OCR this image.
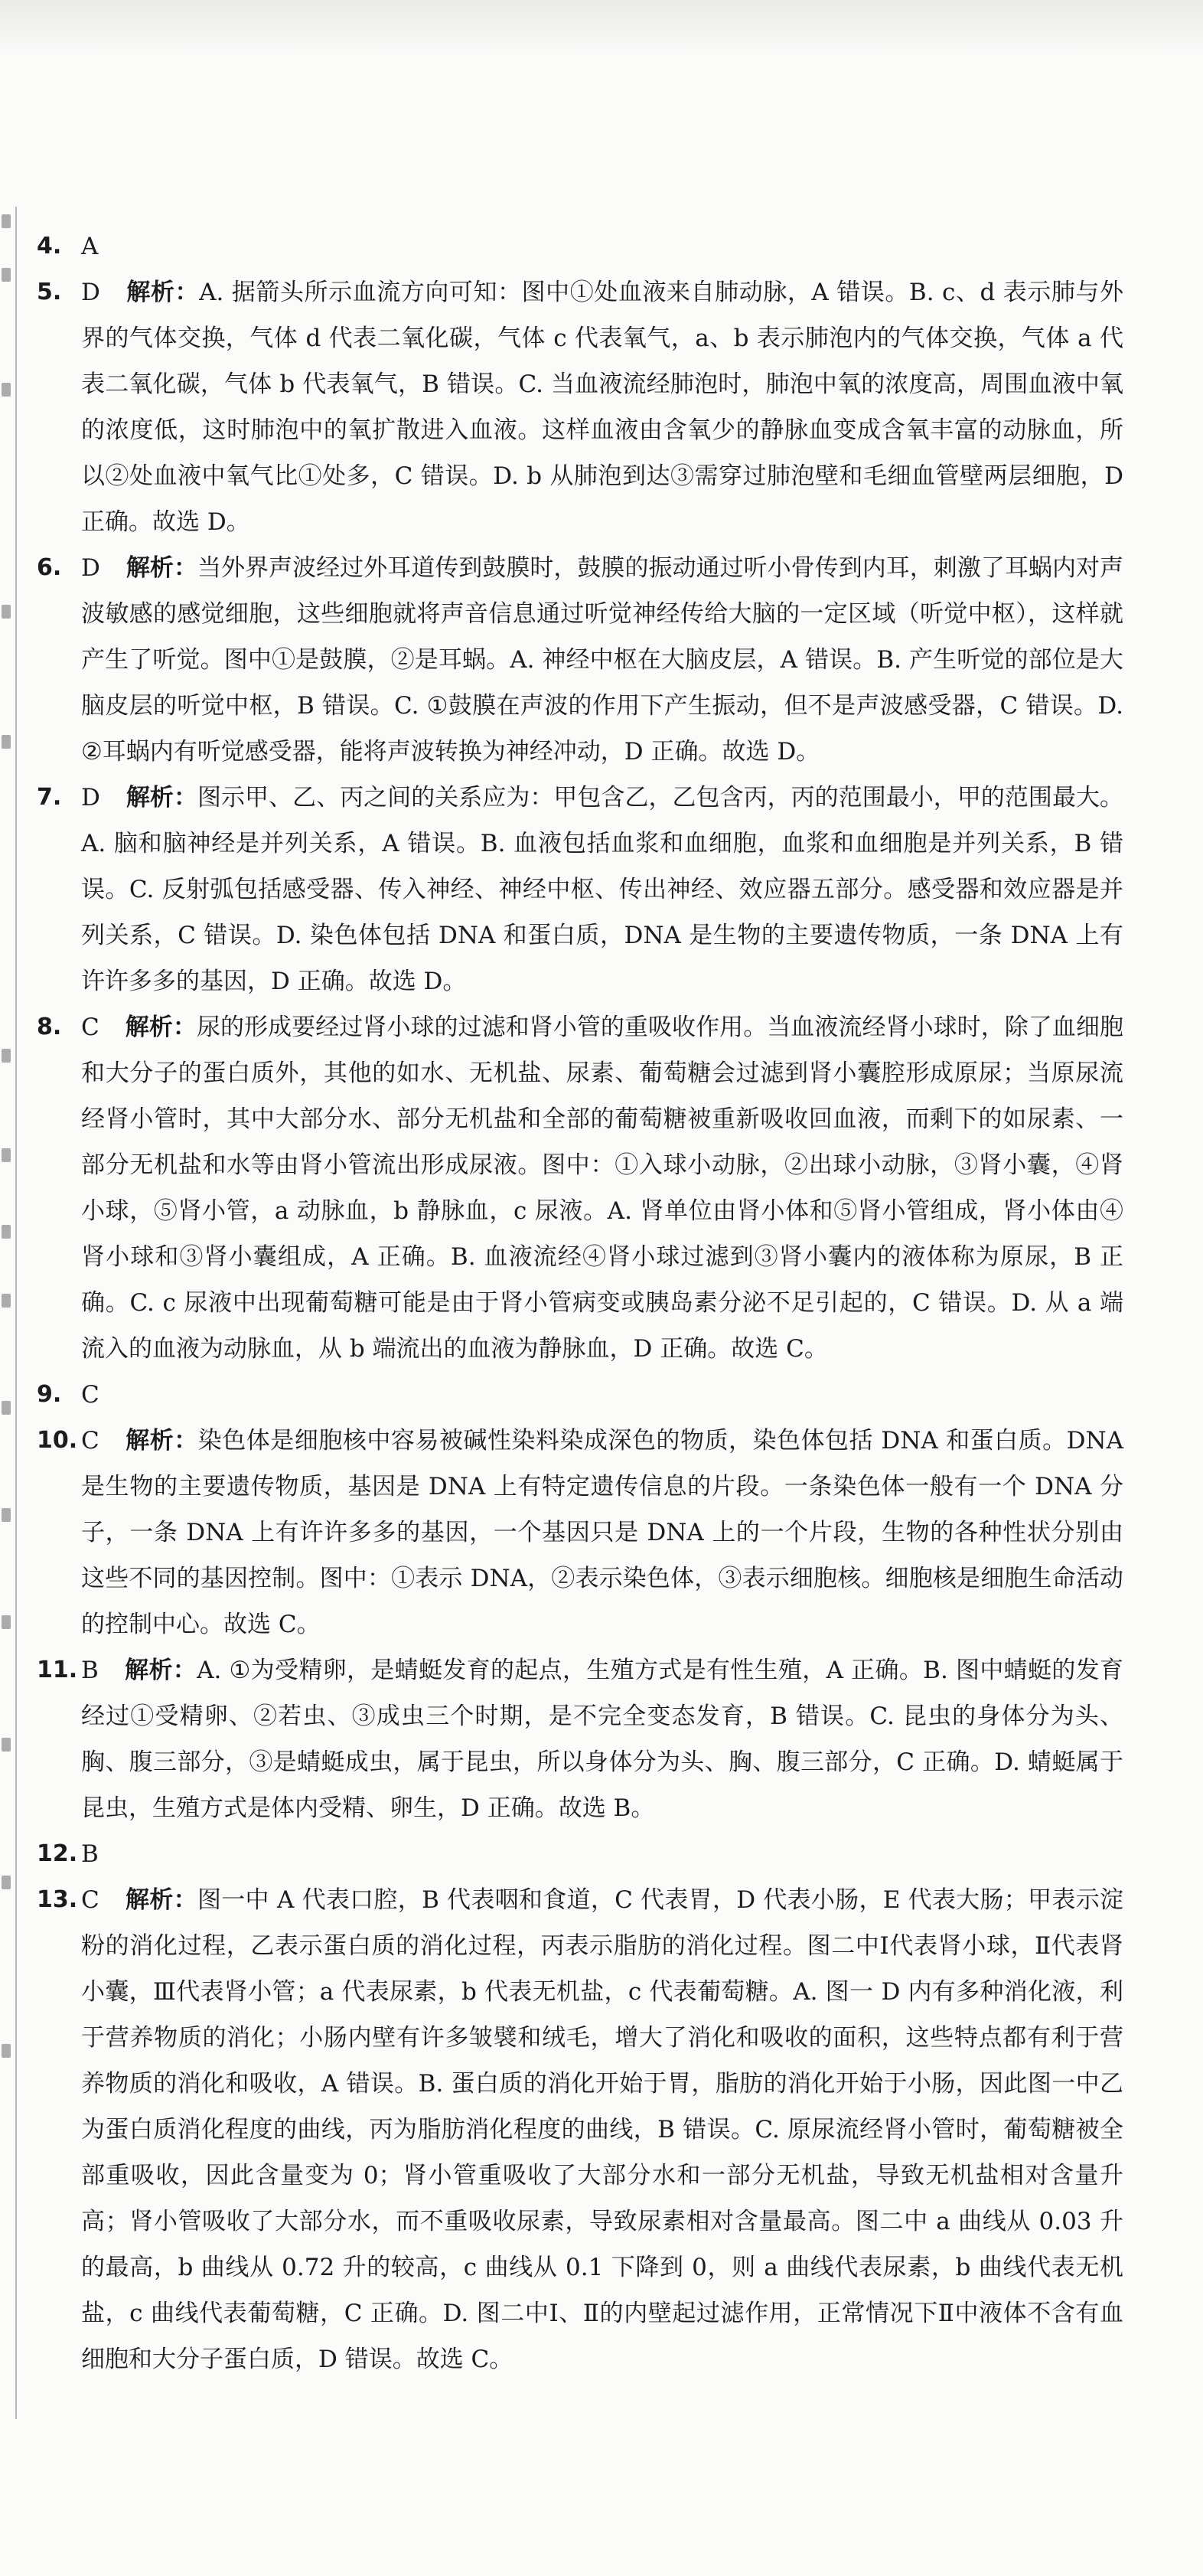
4. A
5. D 解析：A. 据箭头所示血流方向可知：图中①处血液来自肺动脉，A 错误。B. c、d 表示肺与外界的气体交换，气体 d 代表二氧化碳，气体 c 代表氧气，a、b 表示肺泡内的气体交换，气体 a 代表二氧化碳，气体 b 代表氧气，B 错误。C. 当血液流经肺泡时，肺泡中氧的浓度高，周围血液中氧的浓度低，这时肺泡中的氧扩散进入血液。这样血液由含氧少的静脉血变成含氧丰富的动脉血，所以②处血液中氧气比①处多，C 错误。D. b 从肺泡到达③需穿过肺泡壁和毛细血管壁两层细胞，D 正确。故选 D。
6. D 解析：当外界声波经过外耳道传到鼓膜时，鼓膜的振动通过听小骨传到内耳，刺激了耳蜗内对声波敏感的感觉细胞，这些细胞就将声音信息通过听觉神经传给大脑的一定区域（听觉中枢），这样就产生了听觉。图中①是鼓膜，②是耳蜗。A. 神经中枢在大脑皮层，A 错误。B. 产生听觉的部位是大脑皮层的听觉中枢，B 错误。C. ①鼓膜在声波的作用下产生振动，但不是声波感受器，C 错误。D. ②耳蜗内有听觉感受器，能将声波转换为神经冲动，D 正确。故选 D。
7. D 解析：图示甲、乙、丙之间的关系应为：甲包含乙，乙包含丙，丙的范围最小，甲的范围最大。A. 脑和脑神经是并列关系，A 错误。B. 血液包括血浆和血细胞，血浆和血细胞是并列关系，B 错误。C. 反射弧包括感受器、传入神经、神经中枢、传出神经、效应器五部分。感受器和效应器是并列关系，C 错误。D. 染色体包括 DNA 和蛋白质，DNA 是生物的主要遗传物质，一条 DNA 上有许许多多的基因，D 正确。故选 D。
8. C 解析：尿的形成要经过肾小球的过滤和肾小管的重吸收作用。当血液流经肾小球时，除了血细胞和大分子的蛋白质外，其他的如水、无机盐、尿素、葡萄糖会过滤到肾小囊腔形成原尿；当原尿流经肾小管时，其中大部分水、部分无机盐和全部的葡萄糖被重新吸收回血液，而剩下的如尿素、一部分无机盐和水等由肾小管流出形成尿液。图中：①入球小动脉，②出球小动脉，③肾小囊，④肾小球，⑤肾小管，a 动脉血，b 静脉血，c 尿液。A. 肾单位由肾小体和⑤肾小管组成，肾小体由④肾小球和③肾小囊组成，A 正确。B. 血液流经④肾小球过滤到③肾小囊内的液体称为原尿，B 正确。C. c 尿液中出现葡萄糖可能是由于肾小管病变或胰岛素分泌不足引起的，C 错误。D. 从 a 端流入的血液为动脉血，从 b 端流出的血液为静脉血，D 正确。故选 C。
9. C
10. C 解析：染色体是细胞核中容易被碱性染料染成深色的物质，染色体包括 DNA 和蛋白质。DNA 是生物的主要遗传物质，基因是 DNA 上有特定遗传信息的片段。一条染色体一般有一个 DNA 分子，一条 DNA 上有许许多多的基因，一个基因只是 DNA 上的一个片段，生物的各种性状分别由这些不同的基因控制。图中：①表示 DNA，②表示染色体，③表示细胞核。细胞核是细胞生命活动的控制中心。故选 C。
11. B 解析：A. ①为受精卵，是蜻蜓发育的起点，生殖方式是有性生殖，A 正确。B. 图中蜻蜓的发育经过①受精卵、②若虫、③成虫三个时期，是不完全变态发育，B 错误。C. 昆虫的身体分为头、胸、腹三部分，③是蜻蜓成虫，属于昆虫，所以身体分为头、胸、腹三部分，C 正确。D. 蜻蜓属于昆虫，生殖方式是体内受精、卵生，D 正确。故选 B。
12. B
13. C 解析：图一中 A 代表口腔，B 代表咽和食道，C 代表胃，D 代表小肠，E 代表大肠；甲表示淀粉的消化过程，乙表示蛋白质的消化过程，丙表示脂肪的消化过程。图二中Ⅰ代表肾小球，Ⅱ代表肾小囊，Ⅲ代表肾小管；a 代表尿素，b 代表无机盐，c 代表葡萄糖。A. 图一 D 内有多种消化液，利于营养物质的消化；小肠内壁有许多皱襞和绒毛，增大了消化和吸收的面积，这些特点都有利于营养物质的消化和吸收，A 错误。B. 蛋白质的消化开始于胃，脂肪的消化开始于小肠，因此图一中乙为蛋白质消化程度的曲线，丙为脂肪消化程度的曲线，B 错误。C. 原尿流经肾小管时，葡萄糖被全部重吸收，因此含量变为 0；肾小管重吸收了大部分水和一部分无机盐，导致无机盐相对含量升高；肾小管吸收了大部分水，而不重吸收尿素，导致尿素相对含量最高。图二中 a 曲线从 0.03 升的最高，b 曲线从 0.72 升的较高，c 曲线从 0.1 下降到 0，则 a 曲线代表尿素，b 曲线代表无机盐，c 曲线代表葡萄糖，C 正确。D. 图二中Ⅰ、Ⅱ的内壁起过滤作用，正常情况下Ⅱ中液体不含有血细胞和大分子蛋白质，D 错误。故选 C。
